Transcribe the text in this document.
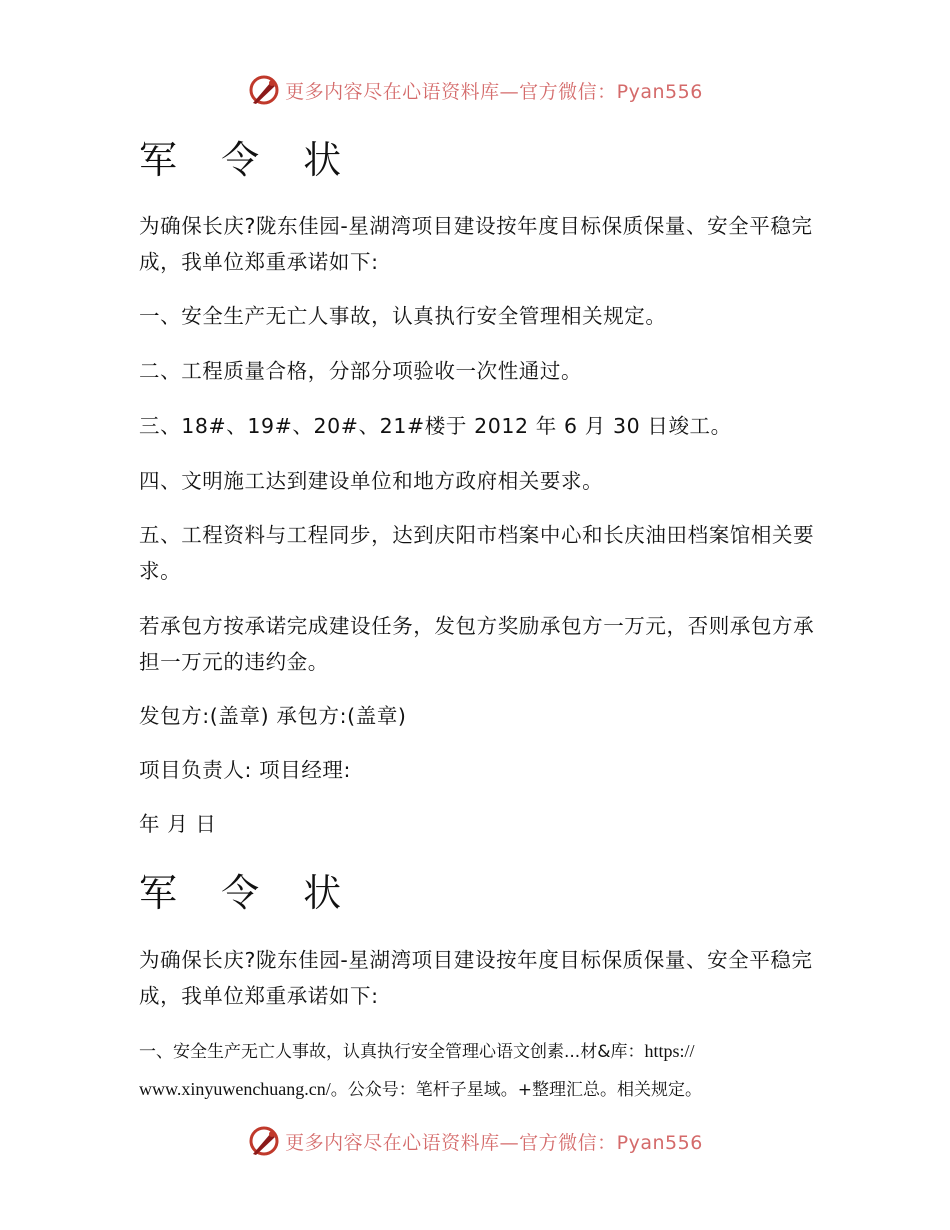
更多内容尽在心语资料库—官方微信：Pyan556
军 令 状

为确保长庆?陇东佳园-星湖湾项目建设按年度目标保质保量、安全平稳完成，我单位郑重承诺如下:

一、安全生产无亡人事故，认真执行安全管理相关规定。

二、工程质量合格，分部分项验收一次性通过。

三、18#、19#、20#、21#楼于 2012 年 6 月 30 日竣工。

四、文明施工达到建设单位和地方政府相关要求。

五、工程资料与工程同步，达到庆阳市档案中心和长庆油田档案馆相关要求。

若承包方按承诺完成建设任务，发包方奖励承包方一万元，否则承包方承担一万元的违约金。

发包方:(盖章) 承包方:(盖章)

项目负责人: 项目经理:

年 月 日

军 令 状

为确保长庆?陇东佳园-星湖湾项目建设按年度目标保质保量、安全平稳完成，我单位郑重承诺如下:

一、安全生产无亡人事故，认真执行安全管理心语文创素...材&库：https://
www.xinyuwenchuang.cn/。公众号：笔杆子星域。+整理汇总。相关规定。

更多内容尽在心语资料库—官方微信：Pyan556
